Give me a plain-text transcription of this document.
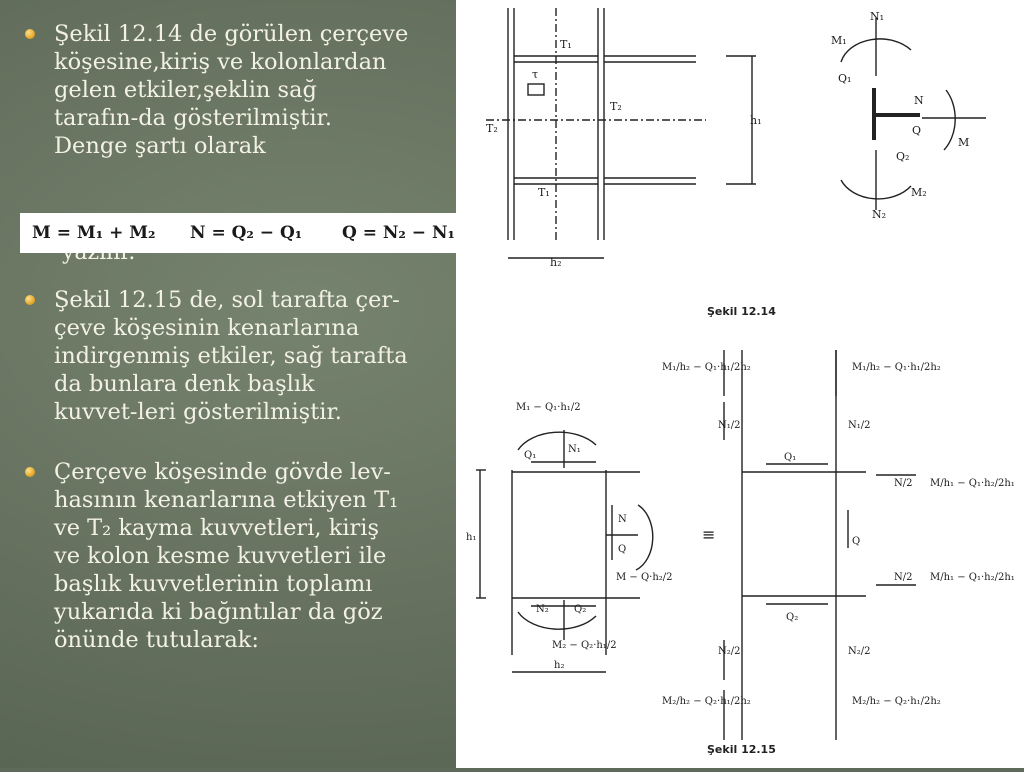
Şekil 12.14 de görülen çerçeve
köşesine,kiriş ve kolonlardan
gelen etkiler,şeklin sağ
tarafın-da gösterilmiştir.
Denge şartı olarak
M = M₁ + M₂ N = Q₂ − Q₁ Q = N₂ − N₁
Şekil 12.15 de, sol tarafta çer-
çeve köşesinin kenarlarına
indirgenmiş etkiler, sağ tarafta
da bunlara denk başlık
kuvvet-leri gösterilmiştir.
Çerçeve köşesinde gövde lev-
hasının kenarlarına etkiyen T₁
ve T₂ kayma kuvvetleri, kiriş
ve kolon kesme kuvvetleri ile
başlık kuvvetlerinin toplamı
yukarıda ki bağıntılar da göz
önünde tutularak:
T₁
T₂
T₂
T₁
h₁
h₂
τ
N₁
M₁
Q₁
N
Q
M
Q₂
M₂
N₂
M₁ − Q₁·h₁/2
Q₁
N₁
N
Q
M − Q·h₂/2
N₂	Q₂
M₂ − Q₂·h₁/2
h₁
h₂
≡
M₁/h₂ − Q₁·h₁/2h₂	M₁/h₂ − Q₁·h₁/2h₂
N₁/2	N₁/2
Q₁
N/2 M/h₁ − Q₁·h₂/2h₁
Q
N/2 M/h₁ − Q₁·h₂/2h₁
Q₂
N₂/2	N₂/2
M₂/h₂ − Q₂·h₁/2h₂	M₂/h₂ − Q₂·h₁/2h₂
Şekil 12.14
Şekil 12.15
